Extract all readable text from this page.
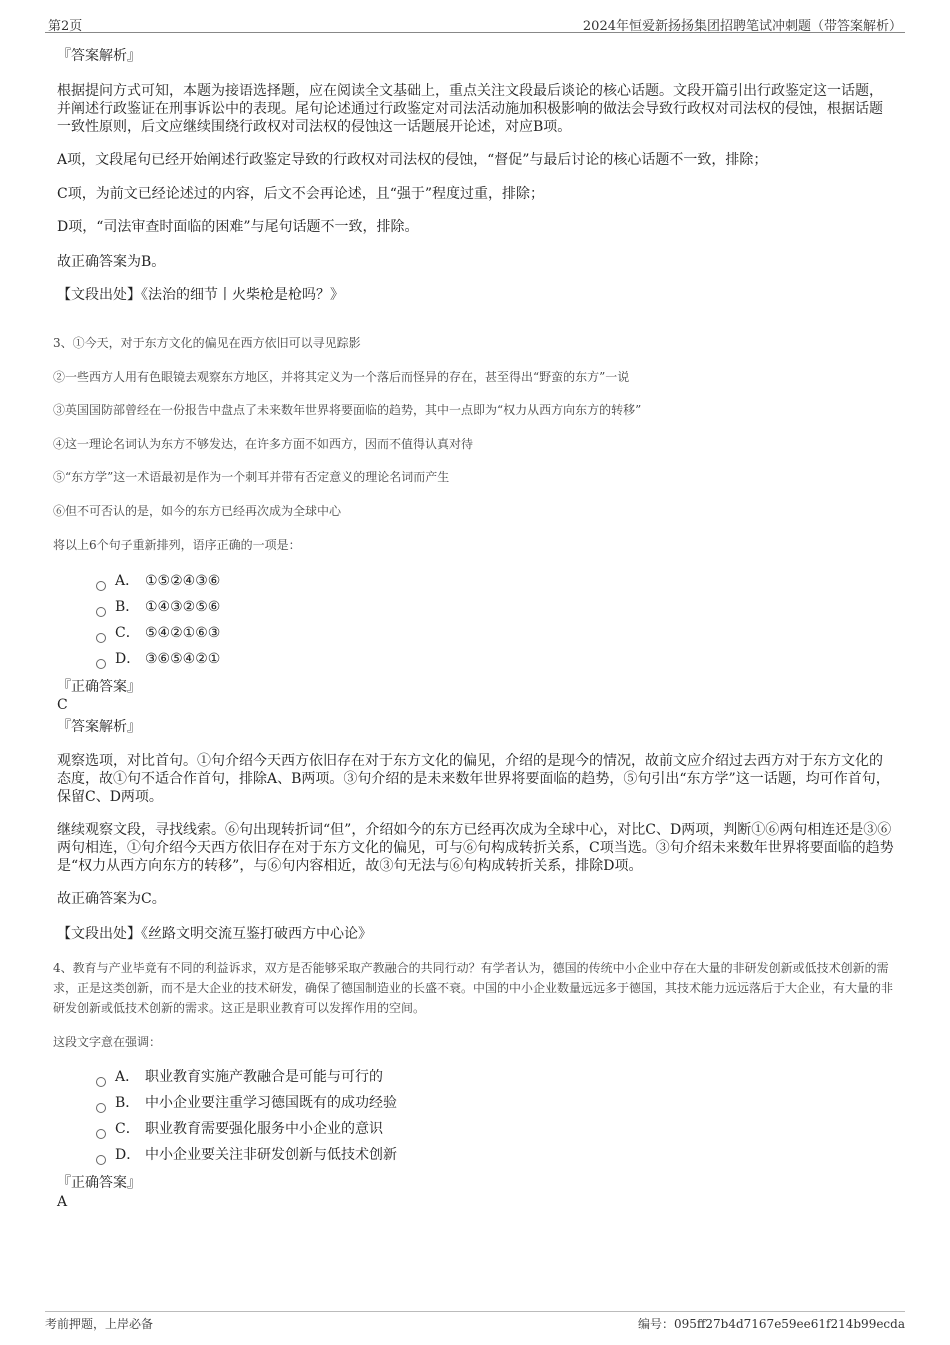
第2页	2024年恒爱新扬扬集团招聘笔试冲刺题（带答案解析）
『答案解析』
根据提问方式可知，本题为接语选择题，应在阅读全文基础上，重点关注文段最后谈论的核心话题。文段开篇引出行政鉴定这一话题，并阐述行政鉴证在刑事诉讼中的表现。尾句论述通过行政鉴定对司法活动施加积极影响的做法会导致行政权对司法权的侵蚀，根据话题一致性原则，后文应继续围绕行政权对司法权的侵蚀这一话题展开论述，对应B项。
A项，文段尾句已经开始阐述行政鉴定导致的行政权对司法权的侵蚀，“督促”与最后讨论的核心话题不一致，排除；
C项，为前文已经论述过的内容，后文不会再论述，且“强于”程度过重，排除；
D项，“司法审查时面临的困难”与尾句话题不一致，排除。
故正确答案为B。
【文段出处】《法治的细节丨火柴枪是枪吗？》
3、①今天，对于东方文化的偏见在西方依旧可以寻见踪影
②一些西方人用有色眼镜去观察东方地区，并将其定义为一个落后而怪异的存在，甚至得出“野蛮的东方”一说
③英国国防部曾经在一份报告中盘点了未来数年世界将要面临的趋势，其中一点即为“权力从西方向东方的转移”
④这一理论名词认为东方不够发达，在许多方面不如西方，因而不值得认真对待
⑤“东方学”这一术语最初是作为一个刺耳并带有否定意义的理论名词而产生
⑥但不可否认的是，如今的东方已经再次成为全球中心
将以上6个句子重新排列，语序正确的一项是：
A． ①⑤②④③⑥
B． ①④③②⑤⑥
C． ⑤④②①⑥③
D． ③⑥⑤④②①
『正确答案』
C
『答案解析』
观察选项，对比首句。①句介绍今天西方依旧存在对于东方文化的偏见，介绍的是现今的情况，故前文应介绍过去西方对于东方文化的态度，故①句不适合作首句，排除A、B两项。③句介绍的是未来数年世界将要面临的趋势，⑤句引出“东方学”这一话题，均可作首句，保留C、D两项。
继续观察文段，寻找线索。⑥句出现转折词“但”，介绍如今的东方已经再次成为全球中心，对比C、D两项，判断①⑥两句相连还是③⑥两句相连，①句介绍今天西方依旧存在对于东方文化的偏见，可与⑥句构成转折关系，C项当选。③句介绍未来数年世界将要面临的趋势是“权力从西方向东方的转移”，与⑥句内容相近，故③句无法与⑥句构成转折关系，排除D项。
故正确答案为C。
【文段出处】《丝路文明交流互鉴打破西方中心论》
4、教育与产业毕竟有不同的利益诉求，双方是否能够采取产教融合的共同行动？有学者认为，德国的传统中小企业中存在大量的非研发创新或低技术创新的需求，正是这类创新，而不是大企业的技术研发，确保了德国制造业的长盛不衰。中国的中小企业数量远远多于德国，其技术能力远远落后于大企业，有大量的非研发创新或低技术创新的需求。这正是职业教育可以发挥作用的空间。
这段文字意在强调：
A． 职业教育实施产教融合是可能与可行的
B． 中小企业要注重学习德国既有的成功经验
C． 职业教育需要强化服务中小企业的意识
D． 中小企业要关注非研发创新与低技术创新
『正确答案』
A
考前押题，上岸必备	编号：095ff27b4d7167e59ee61f214b99ecda
